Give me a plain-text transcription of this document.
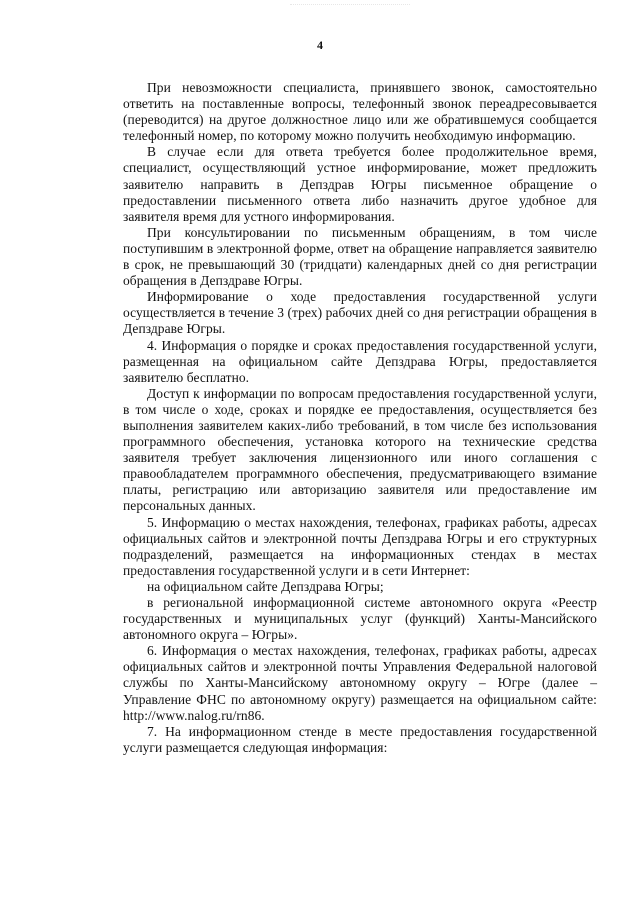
4

При невозможности специалиста, принявшего звонок, самостоятельно ответить на поставленные вопросы, телефонный звонок переадресовывается (переводится) на другое должностное лицо или же обратившемуся сообщается телефонный номер, по которому можно получить необходимую информацию.

В случае если для ответа требуется более продолжительное время, специалист, осуществляющий устное информирование, может предложить заявителю направить в Депздрав Югры письменное обращение о предоставлении письменного ответа либо назначить другое удобное для заявителя время для устного информирования.

При консультировании по письменным обращениям, в том числе поступившим в электронной форме, ответ на обращение направляется заявителю в срок, не превышающий 30 (тридцати) календарных дней со дня регистрации обращения в Депздраве Югры.

Информирование о ходе предоставления государственной услуги осуществляется в течение 3 (трех) рабочих дней со дня регистрации обращения в Депздраве Югры.

4. Информация о порядке и сроках предоставления государственной услуги, размещенная на официальном сайте Депздрава Югры, предоставляется заявителю бесплатно.

Доступ к информации по вопросам предоставления государственной услуги, в том числе о ходе, сроках и порядке ее предоставления, осуществляется без выполнения заявителем каких-либо требований, в том числе без использования программного обеспечения, установка которого на технические средства заявителя требует заключения лицензионного или иного соглашения с правообладателем программного обеспечения, предусматривающего взимание платы, регистрацию или авторизацию заявителя или предоставление им персональных данных.

5. Информацию о местах нахождения, телефонах, графиках работы, адресах официальных сайтов и электронной почты Депздрава Югры и его структурных подразделений, размещается на информационных стендах в местах предоставления государственной услуги и в сети Интернет:

на официальном сайте Депздрава Югры;

в региональной информационной системе автономного округа «Реестр государственных и муниципальных услуг (функций) Ханты-Мансийского автономного округа – Югры».

6. Информация о местах нахождения, телефонах, графиках работы, адресах официальных сайтов и электронной почты Управления Федеральной налоговой службы по Ханты-Мансийскому автономному округу – Югре (далее – Управление ФНС по автономному округу) размещается на официальном сайте: http://www.nalog.ru/rn86.

7. На информационном стенде в месте предоставления государственной услуги размещается следующая информация:
